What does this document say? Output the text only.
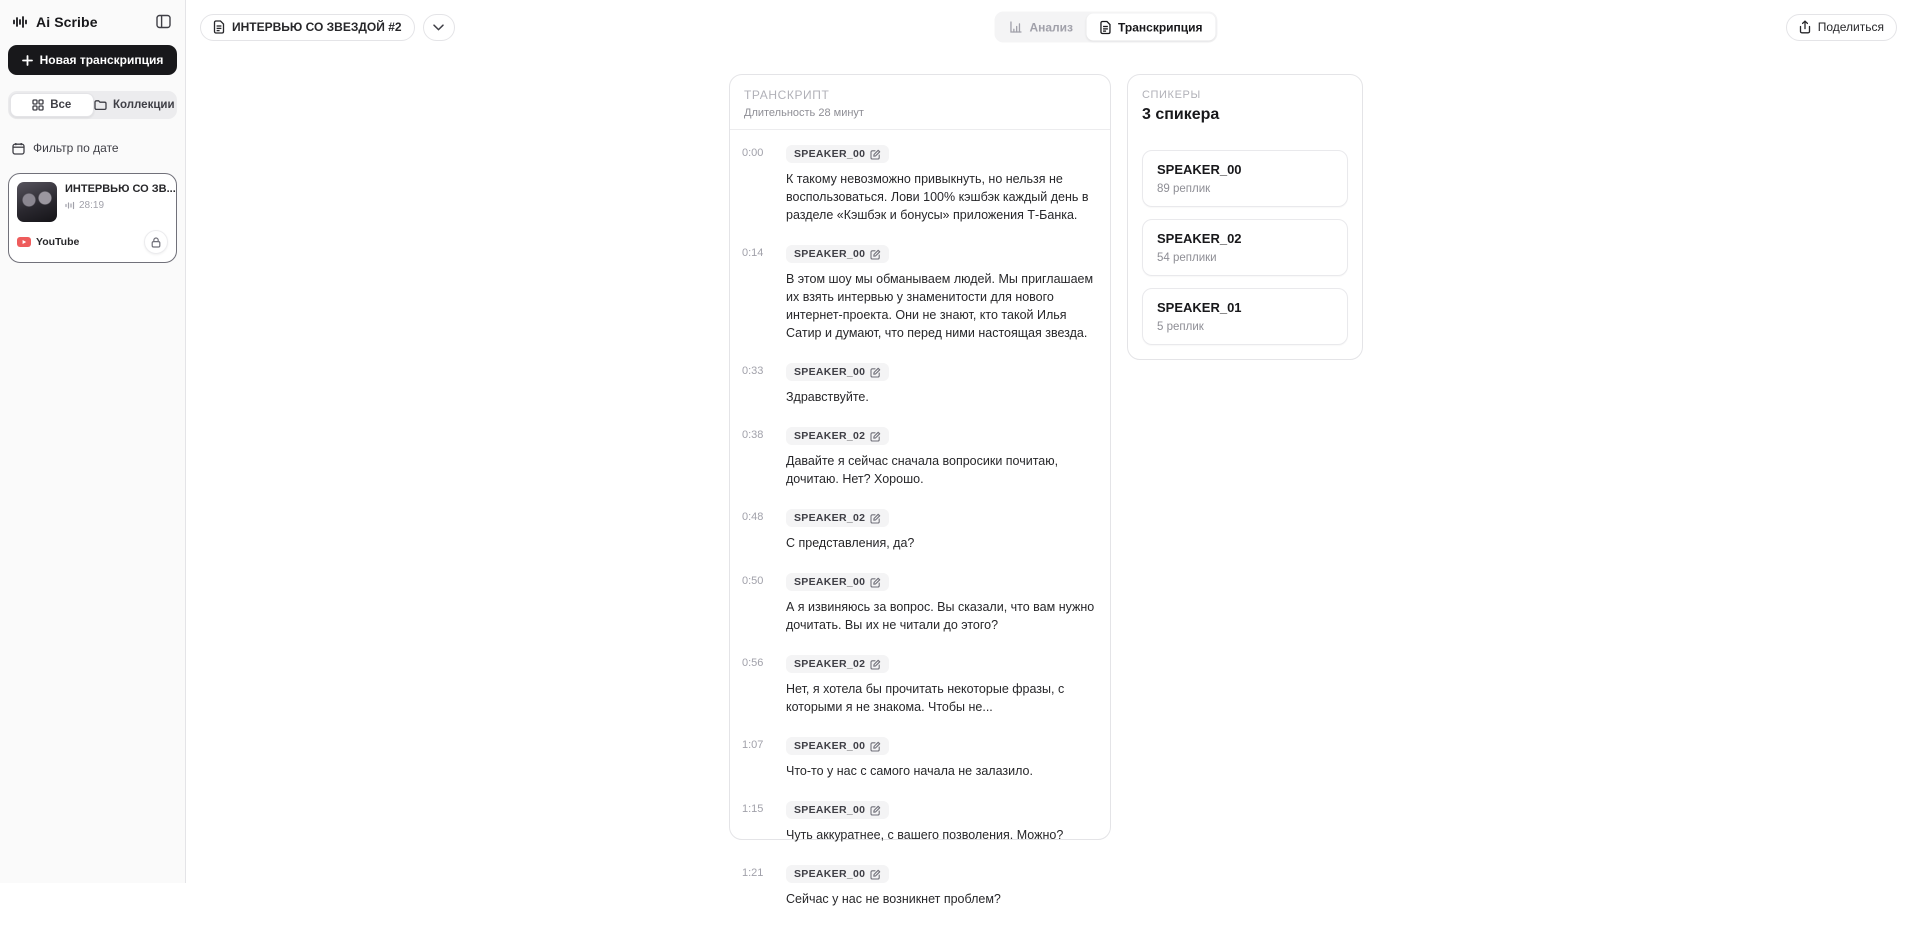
Ai Scribe
Новая транскрипция
Все	Коллекции
Фильтр по дате
ИНТЕРВЬЮ СО ЗВ...
28:19
YouTube
ИНТЕРВЬЮ СО ЗВЕЗДОЙ #2	Анализ	Транскрипция	Поделиться
ТРАНСКРИПТ
Длительность 28 минут
0:00	SPEAKER_00
К такому невозможно привыкнуть, но нельзя не воспользоваться. Лови 100% кэшбэк каждый день в разделе «Кэшбэк и бонусы» приложения Т-Банка.
0:14	SPEAKER_00
В этом шоу мы обманываем людей. Мы приглашаем их взять интервью у знаменитости для нового интернет-проекта. Они не знают, кто такой Илья Сатир и думают, что перед ними настоящая звезда.
0:33	SPEAKER_00
Здравствуйте.
0:38	SPEAKER_02
Давайте я сейчас сначала вопросики почитаю, дочитаю. Нет? Хорошо.
0:48	SPEAKER_02
С представления, да?
0:50	SPEAKER_00
А я извиняюсь за вопрос. Вы сказали, что вам нужно дочитать. Вы их не читали до этого?
0:56	SPEAKER_02
Нет, я хотела бы прочитать некоторые фразы, с которыми я не знакома. Чтобы не...
1:07	SPEAKER_00
Что-то у нас с самого начала не залазило.
1:15	SPEAKER_00
Чуть аккуратнее, с вашего позволения. Можно?
1:21	SPEAKER_00
Сейчас у нас не возникнет проблем?
СПИКЕРЫ
3 спикера
SPEAKER_00
89 реплик
SPEAKER_02
54 реплики
SPEAKER_01
5 реплик
